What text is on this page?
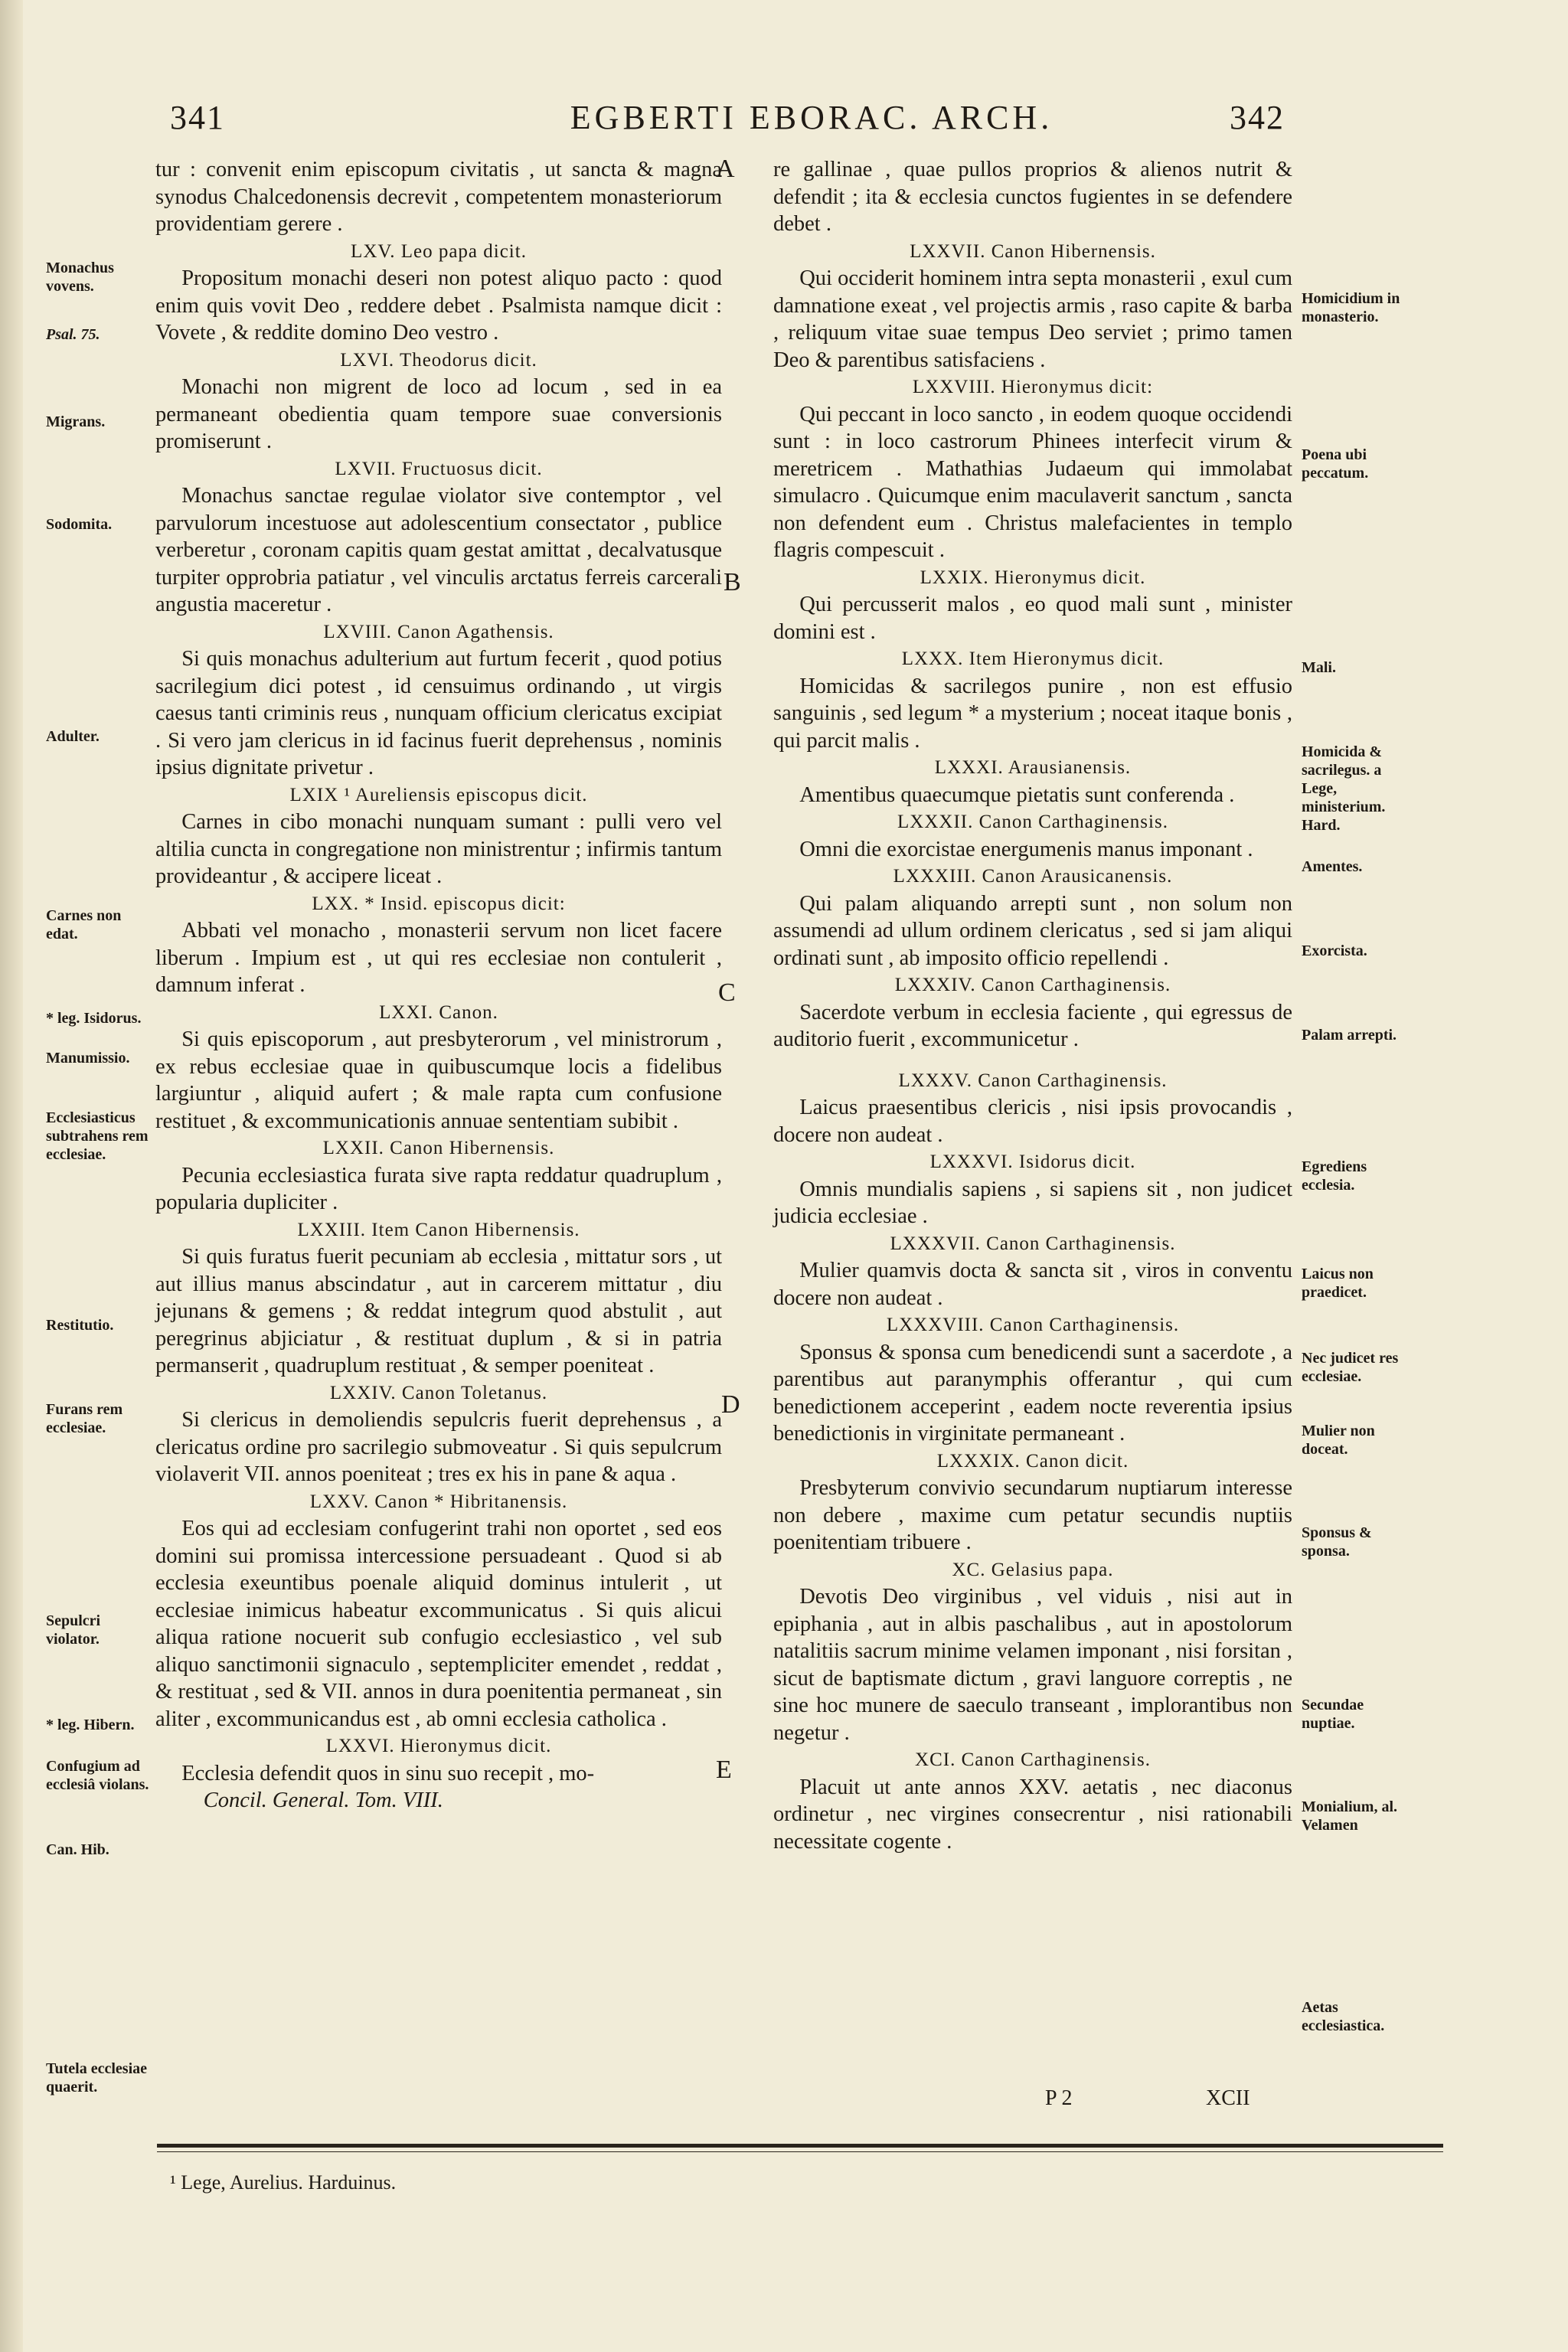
341	EGBERTI EBORAC. ARCH.	342

tur : convenit enim episcopum civitatis , ut sancta & magna synodus Chalcedonensis decrevit , competentem monasteriorum providentiam gerere .

LXV. Leo papa dicit.

Propositum monachi deseri non potest aliquo pacto : quod enim quis vovit Deo , reddere debet . Psalmista namque dicit : Vovete , & reddite domino Deo vestro .

LXVI. Theodorus dicit.

Monachi non migrent de loco ad locum , sed in ea permaneant obedientia quam tempore suae conversionis promiserunt .

LXVII. Fructuosus dicit.

Monachus sanctae regulae violator sive contemptor , vel parvulorum incestuose aut adolescentium consectator , publice verberetur , coronam capitis quam gestat amittat , decalvatusque turpiter opprobria patiatur , vel vinculis arctatus ferreis carcerali angustia maceretur .

LXVIII. Canon Agathensis.

Si quis monachus adulterium aut furtum fecerit , quod potius sacrilegium dici potest , id censuimus ordinando , ut virgis caesus tanti criminis reus , nunquam officium clericatus excipiat . Si vero jam clericus in id facinus fuerit deprehensus , nominis ipsius dignitate privetur .

LXIX ¹ Aureliensis episcopus dicit.

Carnes in cibo monachi nunquam sumant : pulli vero vel altilia cuncta in congregatione non ministrentur ; infirmis tantum provideantur , & accipere liceat .

LXX. * Insid. episcopus dicit:

Abbati vel monacho , monasterii servum non licet facere liberum . Impium est , ut qui res ecclesiae non contulerit , damnum inferat .

LXXI. Canon.

Si quis episcoporum , aut presbyterorum , vel ministrorum , ex rebus ecclesiae quae in quibuscumque locis a fidelibus largiuntur , aliquid aufert ; & male rapta cum confusione restituet , & excommunicationis annuae sententiam subibit .

LXXII. Canon Hibernensis.

Pecunia ecclesiastica furata sive rapta reddatur quadruplum , popularia dupliciter .

LXXIII. Item Canon Hibernensis.

Si quis furatus fuerit pecuniam ab ecclesia , mittatur sors , ut aut illius manus abscindatur , aut in carcerem mittatur , diu jejunans & gemens ; & reddat integrum quod abstulit , aut peregrinus abjiciatur , & restituat duplum , & si in patria permanserit , quadruplum restituat , & semper poeniteat .

LXXIV. Canon Toletanus.

Si clericus in demoliendis sepulcris fuerit deprehensus , a clericatus ordine pro sacrilegio submoveatur . Si quis sepulcrum violaverit VII. annos poeniteat ; tres ex his in pane & aqua .

LXXV. Canon * Hibritanensis.

Eos qui ad ecclesiam confugerint trahi non oportet , sed eos domini sui promissa intercessione persuadeant . Quod si ab ecclesia exeuntibus poenale aliquid dominus intulerit , ut ecclesiae inimicus habeatur excommunicatus . Si quis alicui aliqua ratione nocuerit sub confugio ecclesiastico , vel sub aliquo sanctimonii signaculo , septempliciter emendet , reddat , & restituat , sed & VII. annos in dura poenitentia permaneat , sin aliter , excommunicandus est , ab omni ecclesia catholica .

LXXVI. Hieronymus dicit.

Ecclesia defendit quos in sinu suo recepit , mo-

Concil. General. Tom. VIII.

re gallinae , quae pullos proprios & alienos nutrit & defendit ; ita & ecclesia cunctos fugientes in se defendere debet .

LXXVII. Canon Hibernensis.

Qui occiderit hominem intra septa monasterii , exul cum damnatione exeat , vel projectis armis , raso capite & barba , reliquum vitae suae tempus Deo serviet ; primo tamen Deo & parentibus satisfaciens .

LXXVIII. Hieronymus dicit:

Qui peccant in loco sancto , in eodem quoque occidendi sunt : in loco castrorum Phinees interfecit virum & meretricem . Mathathias Judaeum qui immolabat simulacro . Quicumque enim maculaverit sanctum , sancta non defendent eum . Christus malefacientes in templo flagris compescuit .

LXXIX. Hieronymus dicit.

Qui percusserit malos , eo quod mali sunt , minister domini est .

LXXX. Item Hieronymus dicit.

Homicidas & sacrilegos punire , non est effusio sanguinis , sed legum * a mysterium ; noceat itaque bonis , qui parcit malis .

LXXXI. Arausianensis.

Amentibus quaecumque pietatis sunt conferenda .

LXXXII. Canon Carthaginensis.

Omni die exorcistae energumenis manus imponant .

LXXXIII. Canon Arausicanensis.

Qui palam aliquando arrepti sunt , non solum non assumendi ad ullum ordinem clericatus , sed si jam aliqui ordinati sunt , ab imposito officio repellendi .

LXXXIV. Canon Carthaginensis.

Sacerdote verbum in ecclesia faciente , qui egressus de auditorio fuerit , excommunicetur .

LXXXV. Canon Carthaginensis.

Laicus praesentibus clericis , nisi ipsis provocandis , docere non audeat .

LXXXVI. Isidorus dicit.

Omnis mundialis sapiens , si sapiens sit , non judicet judicia ecclesiae .

LXXXVII. Canon Carthaginensis.

Mulier quamvis docta & sancta sit , viros in conventu docere non audeat .

LXXXVIII. Canon Carthaginensis.

Sponsus & sponsa cum benedicendi sunt a sacerdote , a parentibus aut paranymphis offerantur , qui cum benedictionem acceperint , eadem nocte reverentia ipsius benedictionis in virginitate permaneant .

LXXXIX. Canon dicit.

Presbyterum convivio secundarum nuptiarum interesse non debere , maxime cum petatur secundis nuptiis poenitentiam tribuere .

XC. Gelasius papa.

Devotis Deo virginibus , vel viduis , nisi aut in epiphania , aut in albis paschalibus , aut in apostolorum natalitiis sacrum minime velamen imponant , nisi forsitan , sicut de baptismate dictum , gravi languore correptis , ne sine hoc munere de saeculo transeant , implorantibus non negetur .

XCI. Canon Carthaginensis.

Placuit ut ante annos XXV. aetatis , nec diaconus ordinetur , nec virgines consecrentur , nisi rationabili necessitate cogente .

P 2	XCII
A
B
C
D
E
Monachus vovens.
Psal. 75.
Migrans.
Sodomita.
Adulter.
Carnes non edat.
* leg. Isidorus.
Manumissio.
Ecclesiasticus subtrahens rem ecclesiae.
Restitutio.
Furans rem ecclesiae.
Sepulcri violator.
* leg. Hibern.
Confugium ad ecclesiâ violans.
Can. Hib.
Tutela ecclesiae quaerit.
Homicidium in monasterio.
Poena ubi peccatum.
Mali.
Homicida & sacrilegus. a Lege, ministerium. Hard.
Amentes.
Exorcista.
Palam arrepti.
Egrediens ecclesia.
Laicus non praedicet.
Nec judicet res ecclesiae.
Mulier non doceat.
Sponsus & sponsa.
Secundae nuptiae.
Monialium, al. Velamen
Aetas ecclesiastica.
¹ Lege, Aurelius. Harduinus.
